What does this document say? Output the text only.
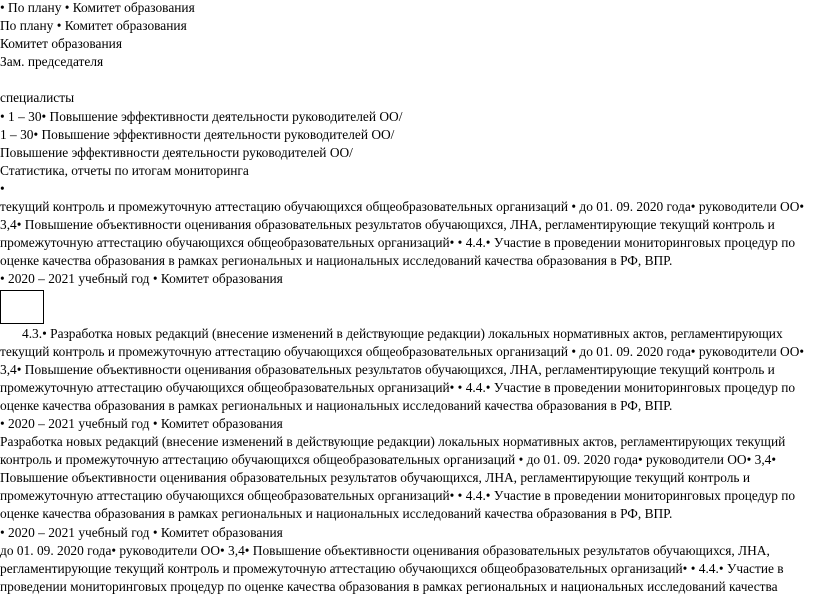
• По плану • Комитет образования
По плану • Комитет образования
Комитет образования
Зам. председателя
специалисты
• 1 – 30• Повышение эффективности деятельности руководителей ОО/
1 – 30• Повышение эффективности деятельности руководителей ОО/
Повышение эффективности деятельности руководителей ОО/
Статистика, отчеты по итогам мониторинга
•

текущий контроль и промежуточную аттестацию обучающихся общеобразовательных организаций • до 01. 09. 2020 года• руководители ОО• 3,4• Повышение объективности оценивания образовательных результатов обучающихся, ЛНА, регламентирующие текущий контроль и промежуточную аттестацию обучающихся общеобразовательных организаций• • 4.4.• Участие в проведении мониторинговых процедур по оценке качества образования в рамках региональных и национальных исследований качества образования в РФ, ВПР.

• 2020 – 2021 учебный год • Комитет образования

4.3.• Разработка новых редакций (внесение изменений в действующие редакции) локальных нормативных актов, регламентирующих текущий контроль и промежуточную аттестацию обучающихся общеобразовательных организаций • до 01. 09. 2020 года• руководители ОО• 3,4• Повышение объективности оценивания образовательных результатов обучающихся, ЛНА, регламентирующие текущий контроль и промежуточную аттестацию обучающихся общеобразовательных организаций• • 4.4.• Участие в проведении мониторинговых процедур по оценке качества образования в рамках региональных и национальных исследований качества образования в РФ, ВПР.

• 2020 – 2021 учебный год • Комитет образования

Разработка новых редакций (внесение изменений в действующие редакции) локальных нормативных актов, регламентирующих текущий контроль и промежуточную аттестацию обучающихся общеобразовательных организаций • до 01. 09. 2020 года• руководители ОО• 3,4• Повышение объективности оценивания образовательных результатов обучающихся, ЛНА, регламентирующие текущий контроль и промежуточную аттестацию обучающихся общеобразовательных организаций• • 4.4.• Участие в проведении мониторинговых процедур по оценке качества образования в рамках региональных и национальных исследований качества образования в РФ, ВПР.

• 2020 – 2021 учебный год • Комитет образования

до 01. 09. 2020 года• руководители ОО• 3,4• Повышение объективности оценивания образовательных результатов обучающихся, ЛНА, регламентирующие текущий контроль и промежуточную аттестацию обучающихся общеобразовательных организаций• • 4.4.• Участие в проведении мониторинговых процедур по оценке качества образования в рамках региональных и национальных исследований качества
